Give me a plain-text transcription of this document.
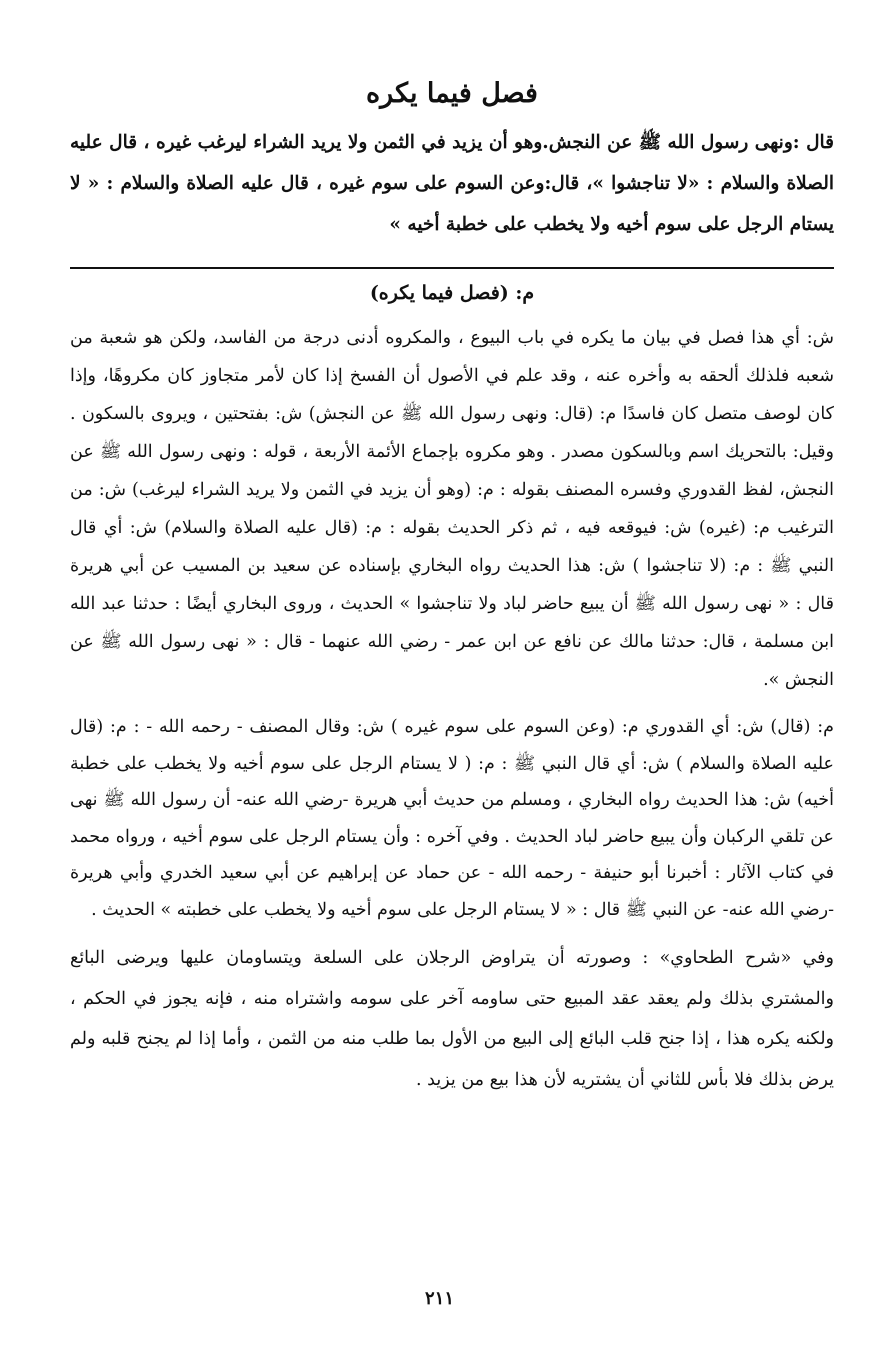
فصل فيما يكره

قال :ونهى رسول الله ﷺ عن النجش.وهو أن يزيد في الثمن ولا يريد الشراء ليرغب غيره ، قال عليه الصلاة والسلام : «لا تناجشوا »، قال:وعن السوم على سوم غيره ، قال عليه الصلاة والسلام : « لا يستام الرجل على سوم أخيه ولا يخطب على خطبة أخيه »

م: (فصل فيما يكره)

ش: أي هذا فصل في بيان ما يكره في باب البيوع ، والمكروه أدنى درجة من الفاسد، ولكن هو شعبة من شعبه فلذلك ألحقه به وأخره عنه ، وقد علم في الأصول أن الفسخ إذا كان لأمر متجاوز كان مكروهًا، وإذا كان لوصف متصل كان فاسدًا م: (قال: ونهى رسول الله ﷺ عن النجش) ش: بفتحتين ، ويروى بالسكون . وقيل: بالتحريك اسم وبالسكون مصدر . وهو مكروه بإجماع الأئمة الأربعة ، قوله : ونهى رسول الله ﷺ عن النجش، لفظ القدوري وفسره المصنف بقوله : م: (وهو أن يزيد في الثمن ولا يريد الشراء ليرغب) ش: من الترغيب م: (غيره) ش: فيوقعه فيه ، ثم ذكر الحديث بقوله : م: (قال عليه الصلاة والسلام) ش: أي قال النبي ﷺ : م: (لا تناجشوا ) ش: هذا الحديث رواه البخاري بإسناده عن سعيد بن المسيب عن أبي هريرة قال : « نهى رسول الله ﷺ أن يبيع حاضر لباد ولا تناجشوا » الحديث ، وروى البخاري أيضًا : حدثنا عبد الله ابن مسلمة ، قال: حدثنا مالك عن نافع عن ابن عمر - رضي الله عنهما - قال : « نهى رسول الله ﷺ عن النجش ».

م: (قال) ش: أي القدوري م: (وعن السوم على سوم غيره ) ش: وقال المصنف - رحمه الله - : م: (قال عليه الصلاة والسلام ) ش: أي قال النبي ﷺ : م: ( لا يستام الرجل على سوم أخيه ولا يخطب على خطبة أخيه) ش: هذا الحديث رواه البخاري ، ومسلم من حديث أبي هريرة -رضي الله عنه- أن رسول الله ﷺ نهى عن تلقي الركبان وأن يبيع حاضر لباد الحديث . وفي آخره : وأن يستام الرجل على سوم أخيه ، ورواه محمد في كتاب الآثار : أخبرنا أبو حنيفة - رحمه الله - عن حماد عن إبراهيم عن أبي سعيد الخدري وأبي هريرة -رضي الله عنه- عن النبي ﷺ قال : « لا يستام الرجل على سوم أخيه ولا يخطب على خطبته » الحديث .

وفي «شرح الطحاوي» : وصورته أن يتراوض الرجلان على السلعة ويتساومان عليها ويرضى البائع والمشتري بذلك ولم يعقد عقد المبيع حتى ساومه آخر على سومه واشتراه منه ، فإنه يجوز في الحكم ، ولكنه يكره هذا ، إذا جنح قلب البائع إلى البيع من الأول بما طلب منه من الثمن ، وأما إذا لم يجنح قلبه ولم يرض بذلك فلا بأس للثاني أن يشتريه لأن هذا بيع من يزيد .

٢١١
